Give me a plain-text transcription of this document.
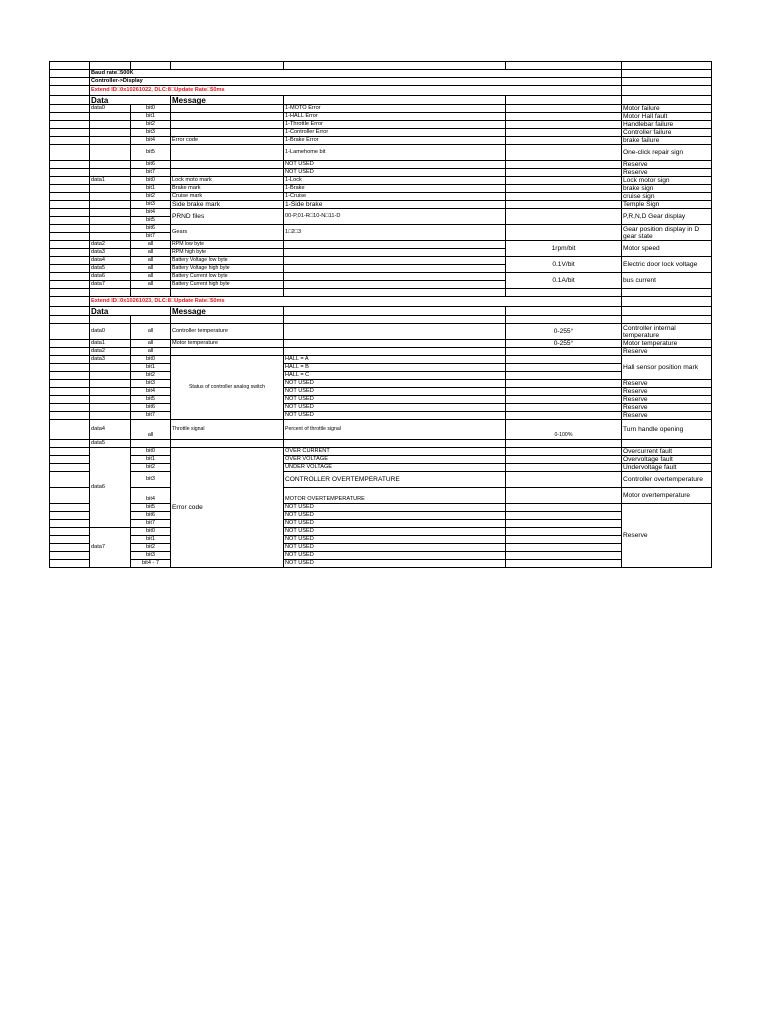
	Baud rate□500K					
	Controller->Display					
	Extend ID□0x10261022, DLC:8□Update Rate□50ms					
	Data		Message			
	data0	bit0		1-MOTO Error		Motor failure
		bit1		1-HALL Error		Motor Hall fault
		bit2		1-Throttle Error		Handlebar failure
		bit3		1-Controller Error		Controller failure
		bit4	Error code	1-Brake Error		brake failure
		bit5		1-Lamehome bit		One-click repair sign
		bit6		NOT USED		Reserve
		bit7		NOT USED		Reserve
	data1	bit0	Lock moto mark	1-Lock		Lock motor sign
		bit1	Brake mark	1-Brake		brake sign
		bit2	Cruise mark	1-Cruise		cruise sign
		bit3	Side brake mark	1-Side brake		Temple Sign
		bit4	PRND files	00-P,01-R□10-N□11-D		P,R,N,D Gear display
		bit5				
		bit6	Gears	1□2□3		Gear position display in D gear state
		bit7				
	data2	all	RPM low byte		1rpm/bit	Motor speed
	data3	all	RPM high byte			
	data4	all	Battery Voltage low byte		0.1V/bit	Electric door lock voltage
	data5	all	Battery Voltage high byte			
	data6	all	Battery Current low byte		0.1A/bit	bus current
	data7	all	Battery Current high byte			

	Extend ID□0x10261023, DLC:8□Update Rate□50ms					
	Data		Message			

	data0	all	Controller temperature		0-255°	Controller internal temperature
	data1	all	Motor temperature		0-255°	Motor temperature
	data2	all				Reserve
	data3	bit0	Status of controller analog switch	HALL = A		Hall sensor position mark
		bit1		HALL = B		
		bit2		HALL = C		
		bit3		NOT USED		Reserve
		bit4		NOT USED		Reserve
		bit5		NOT USED		Reserve
		bit6		NOT USED		Reserve
		bit7		NOT USED		Reserve
	data4	all	Throttle signal	Percent of throttle signal	0-100%	Turn handle opening
	data5					
	data6	bit0	Error code	OVER CURRENT		Overcurrent fault
		bit1		OVER VOLTAGE		Overvoltage fault
		bit2		UNDER VOLTAGE		Undervoltage fault
		bit3		CONTROLLER OVERTEMPERATURE		Controller overtemperature
		bit4		MOTOR OVERTEMPERATURE		Motor overtemperature
		bit5		NOT USED		Reserve
		bit6		NOT USED		
		bit7		NOT USED		
	data7	bit0		NOT USED		
		bit1		NOT USED		
		bit2		NOT USED		
		bit3		NOT USED		
		bit4 - 7		NOT USED		
